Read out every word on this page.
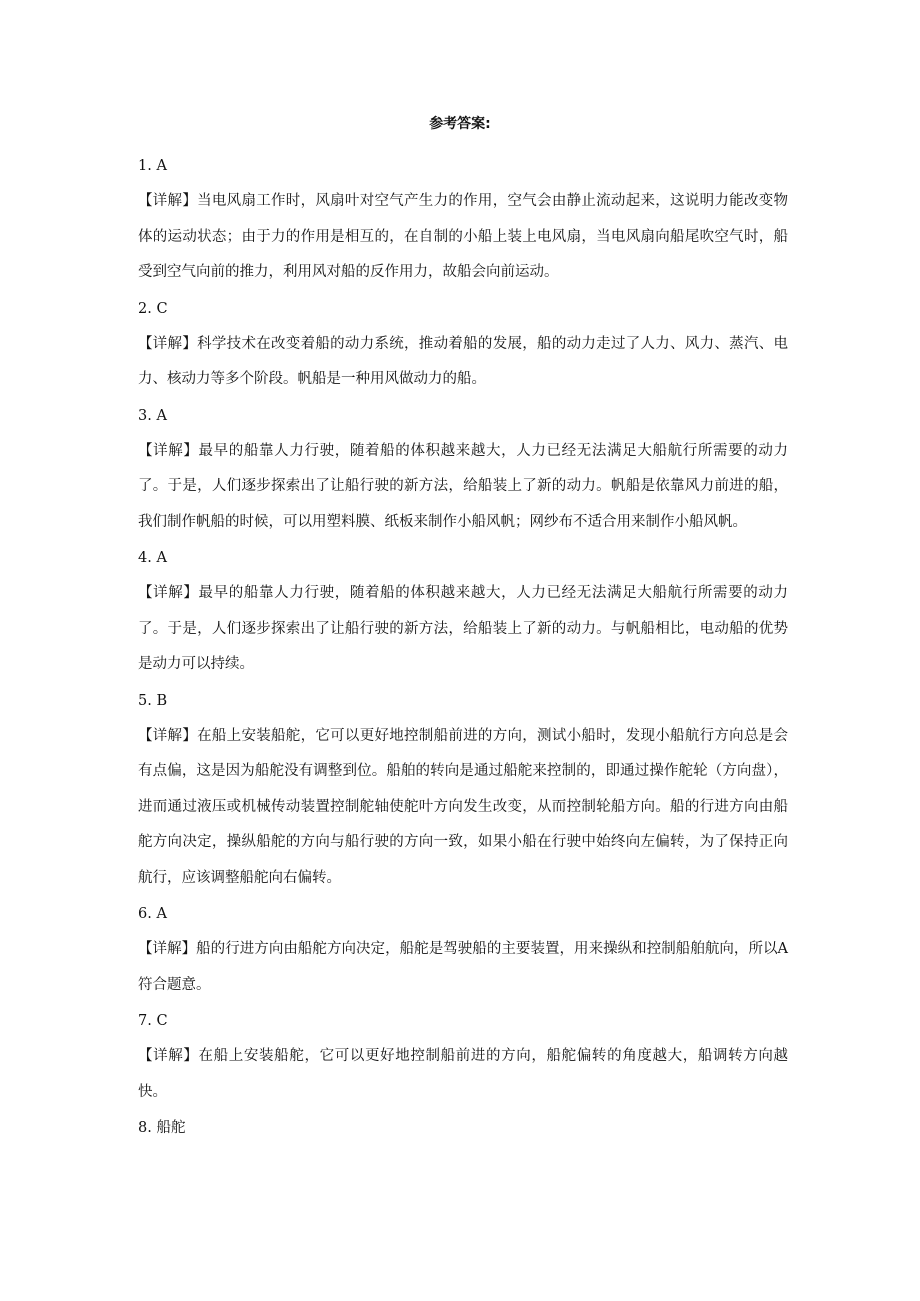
参考答案:
1. A
【详解】当电风扇工作时，风扇叶对空气产生力的作用，空气会由静止流动起来，这说明力能改变物体的运动状态；由于力的作用是相互的，在自制的小船上装上电风扇，当电风扇向船尾吹空气时，船受到空气向前的推力，利用风对船的反作用力，故船会向前运动。
2. C
【详解】科学技术在改变着船的动力系统，推动着船的发展，船的动力走过了人力、风力、蒸汽、电力、核动力等多个阶段。帆船是一种用风做动力的船。
3. A
【详解】最早的船靠人力行驶，随着船的体积越来越大，人力已经无法满足大船航行所需要的动力了。于是，人们逐步探索出了让船行驶的新方法，给船装上了新的动力。帆船是依靠风力前进的船，我们制作帆船的时候，可以用塑料膜、纸板来制作小船风帆；网纱布不适合用来制作小船风帆。
4. A
【详解】最早的船靠人力行驶，随着船的体积越来越大，人力已经无法满足大船航行所需要的动力了。于是，人们逐步探索出了让船行驶的新方法，给船装上了新的动力。与帆船相比，电动船的优势是动力可以持续。
5. B
【详解】在船上安装船舵，它可以更好地控制船前进的方向，测试小船时，发现小船航行方向总是会有点偏，这是因为船舵没有调整到位。船舶的转向是通过船舵来控制的，即通过操作舵轮（方向盘），进而通过液压或机械传动装置控制舵轴使舵叶方向发生改变，从而控制轮船方向。船的行进方向由船舵方向决定，操纵船舵的方向与船行驶的方向一致，如果小船在行驶中始终向左偏转，为了保持正向航行，应该调整船舵向右偏转。
6. A
【详解】船的行进方向由船舵方向决定，船舵是驾驶船的主要装置，用来操纵和控制船舶航向，所以A符合题意。
7. C
【详解】在船上安装船舵，它可以更好地控制船前进的方向，船舵偏转的角度越大，船调转方向越快。
8. 船舵
